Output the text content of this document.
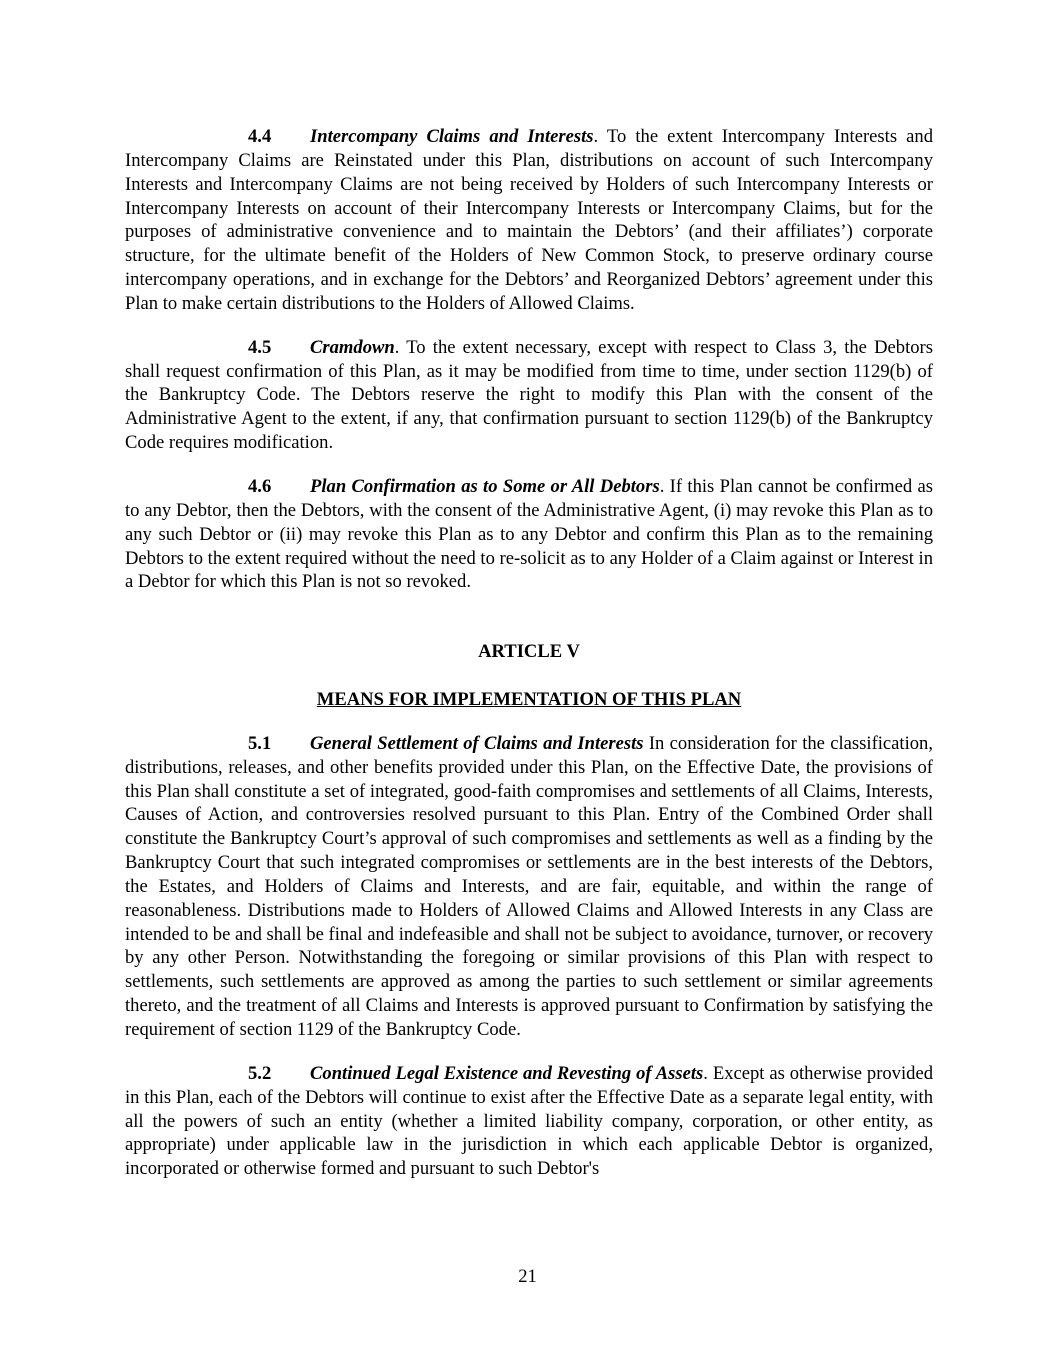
4.4 Intercompany Claims and Interests. To the extent Intercompany Interests and Intercompany Claims are Reinstated under this Plan, distributions on account of such Intercompany Interests and Intercompany Claims are not being received by Holders of such Intercompany Interests or Intercompany Interests on account of their Intercompany Interests or Intercompany Claims, but for the purposes of administrative convenience and to maintain the Debtors’ (and their affiliates’) corporate structure, for the ultimate benefit of the Holders of New Common Stock, to preserve ordinary course intercompany operations, and in exchange for the Debtors’ and Reorganized Debtors’ agreement under this Plan to make certain distributions to the Holders of Allowed Claims.

4.5 Cramdown. To the extent necessary, except with respect to Class 3, the Debtors shall request confirmation of this Plan, as it may be modified from time to time, under section 1129(b) of the Bankruptcy Code. The Debtors reserve the right to modify this Plan with the consent of the Administrative Agent to the extent, if any, that confirmation pursuant to section 1129(b) of the Bankruptcy Code requires modification.

4.6 Plan Confirmation as to Some or All Debtors. If this Plan cannot be confirmed as to any Debtor, then the Debtors, with the consent of the Administrative Agent, (i) may revoke this Plan as to any such Debtor or (ii) may revoke this Plan as to any Debtor and confirm this Plan as to the remaining Debtors to the extent required without the need to re-solicit as to any Holder of a Claim against or Interest in a Debtor for which this Plan is not so revoked.

ARTICLE V

MEANS FOR IMPLEMENTATION OF THIS PLAN

5.1 General Settlement of Claims and Interests In consideration for the classification, distributions, releases, and other benefits provided under this Plan, on the Effective Date, the provisions of this Plan shall constitute a set of integrated, good-faith compromises and settlements of all Claims, Interests, Causes of Action, and controversies resolved pursuant to this Plan. Entry of the Combined Order shall constitute the Bankruptcy Court’s approval of such compromises and settlements as well as a finding by the Bankruptcy Court that such integrated compromises or settlements are in the best interests of the Debtors, the Estates, and Holders of Claims and Interests, and are fair, equitable, and within the range of reasonableness. Distributions made to Holders of Allowed Claims and Allowed Interests in any Class are intended to be and shall be final and indefeasible and shall not be subject to avoidance, turnover, or recovery by any other Person. Notwithstanding the foregoing or similar provisions of this Plan with respect to settlements, such settlements are approved as among the parties to such settlement or similar agreements thereto, and the treatment of all Claims and Interests is approved pursuant to Confirmation by satisfying the requirement of section 1129 of the Bankruptcy Code.

5.2 Continued Legal Existence and Revesting of Assets. Except as otherwise provided in this Plan, each of the Debtors will continue to exist after the Effective Date as a separate legal entity, with all the powers of such an entity (whether a limited liability company, corporation, or other entity, as appropriate) under applicable law in the jurisdiction in which each applicable Debtor is organized, incorporated or otherwise formed and pursuant to such Debtor's

21
